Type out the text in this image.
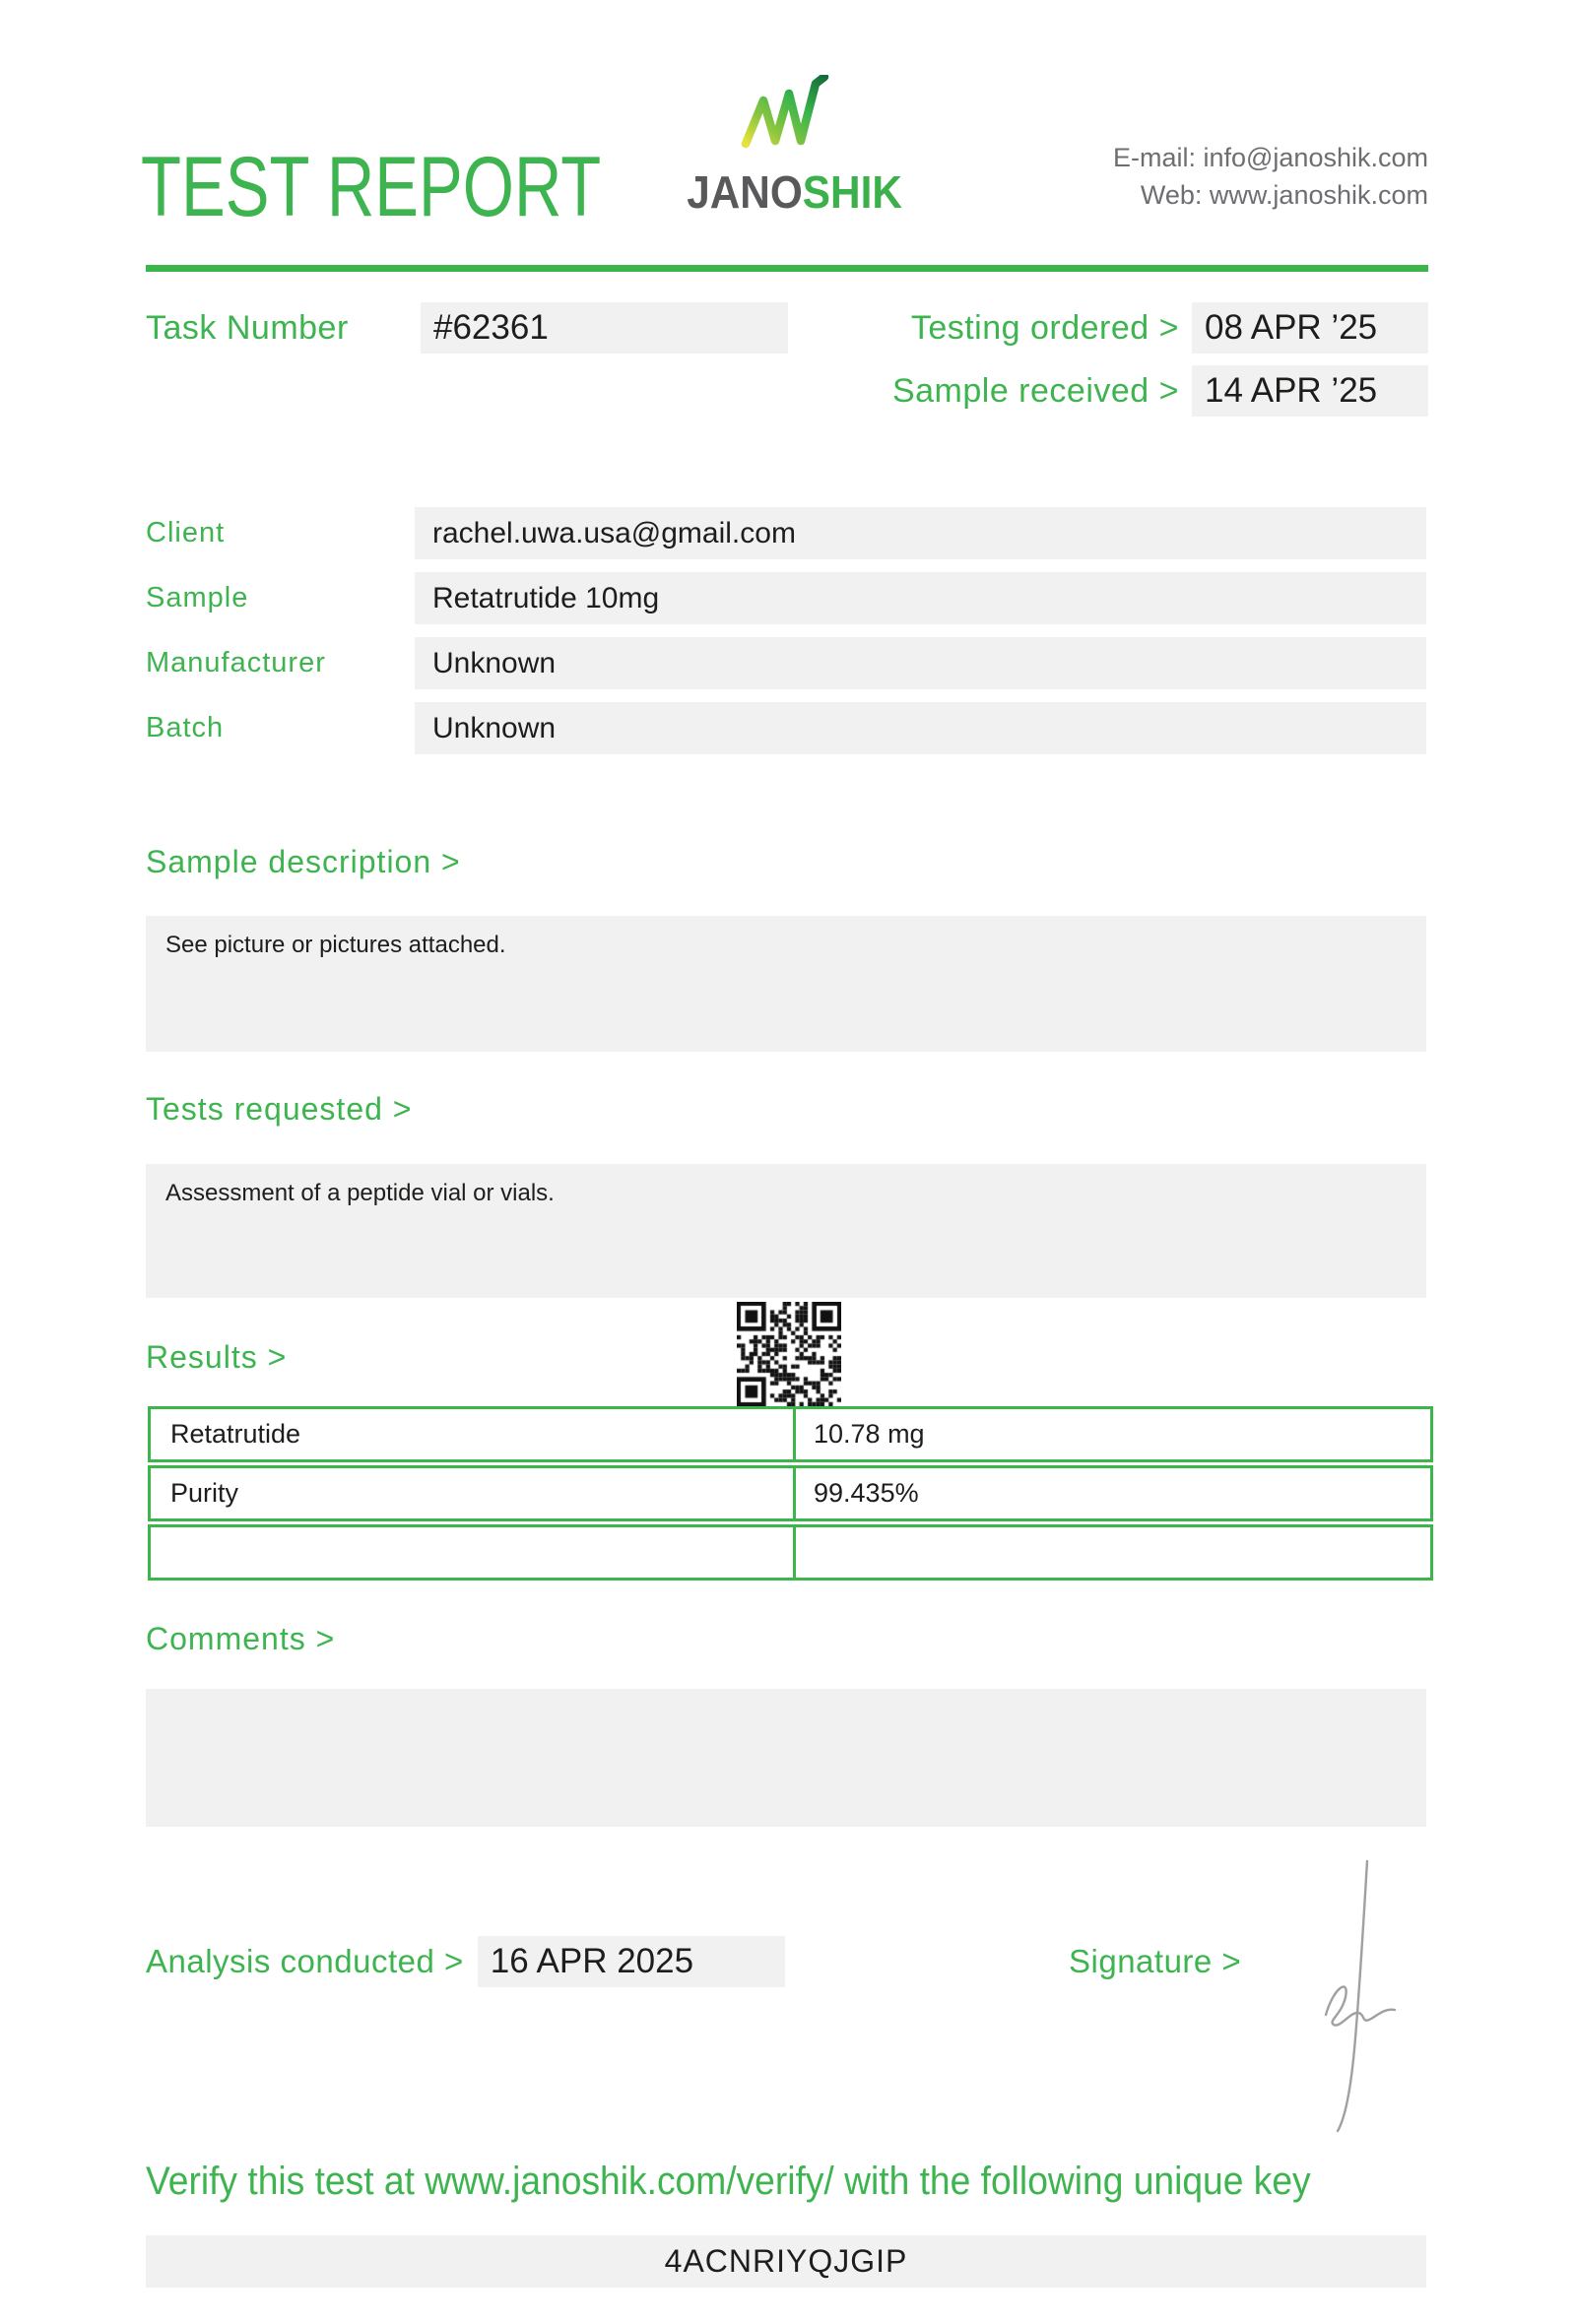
TEST REPORT JANOSHIK
E-mail: info@janoshik.com
Web: www.janoshik.com
Task Number	#62361	Testing ordered > 08 APR ’25
Sample received > 14 APR ’25
Client	rachel.uwa.usa@gmail.com
Sample	Retatrutide 10mg
Manufacturer	Unknown
Batch	Unknown
Sample description >
See picture or pictures attached.
Tests requested >
Assessment of a peptide vial or vials.
Results >
Retatrutide	10.78 mg
Purity	99.435%
Comments >
Analysis conducted > 16 APR 2025	Signature >
Verify this test at www.janoshik.com/verify/ with the following unique key
4ACNRIYQJGIP
